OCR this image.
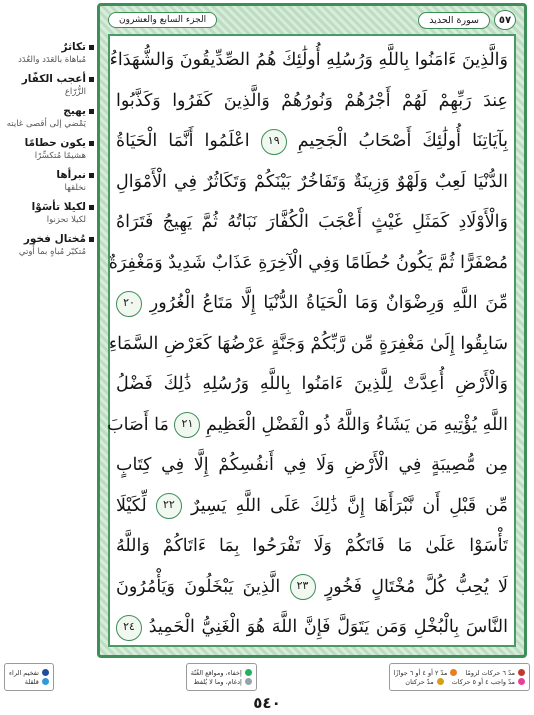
تكاثرٌ
مُباهاة بالعَدَد والعُدَد
أعجب الكفّار
الزُّرّاع
يهيج
يَمْضي إلى أقصى غايته
يكون حطامًا
هشيمًا مُتكسِّرًا
نبرأها
نخلقها
لكيلا تأسَوْا
لكيلا تحزنوا
مُختال فخور
مُتكبّر مُباهٍ بما أُوتي
٥٧
سورة الحديد
الجزء السابع والعشرون
وَالَّذِينَ ءَامَنُوا بِاللَّهِ وَرُسُلِهِ أُولَٰئِكَ هُمُ الصِّدِّيقُونَ وَالشُّهَدَاءُ
عِندَ رَبِّهِمْ لَهُمْ أَجْرُهُمْ وَنُورُهُمْ وَالَّذِينَ كَفَرُوا وَكَذَّبُوا
بِآيَاتِنَا أُولَٰئِكَ أَصْحَابُ الْجَحِيمِ ١٩ اعْلَمُوا أَنَّمَا الْحَيَاةُ
الدُّنْيَا لَعِبٌ وَلَهْوٌ وَزِينَةٌ وَتَفَاخُرٌ بَيْنَكُمْ وَتَكَاثُرٌ فِي الْأَمْوَالِ
وَالْأَوْلَادِ كَمَثَلِ غَيْثٍ أَعْجَبَ الْكُفَّارَ نَبَاتُهُ ثُمَّ يَهِيجُ فَتَرَاهُ
مُصْفَرًّا ثُمَّ يَكُونُ حُطَامًا وَفِي الْآخِرَةِ عَذَابٌ شَدِيدٌ وَمَغْفِرَةٌ
مِّنَ اللَّهِ وَرِضْوَانٌ وَمَا الْحَيَاةُ الدُّنْيَا إِلَّا مَتَاعُ الْغُرُورِ ٢٠
سَابِقُوا إِلَىٰ مَغْفِرَةٍ مِّن رَّبِّكُمْ وَجَنَّةٍ عَرْضُهَا كَعَرْضِ السَّمَاءِ
وَالْأَرْضِ أُعِدَّتْ لِلَّذِينَ ءَامَنُوا بِاللَّهِ وَرُسُلِهِ ذَٰلِكَ فَضْلُ
اللَّهِ يُؤْتِيهِ مَن يَشَاءُ وَاللَّهُ ذُو الْفَضْلِ الْعَظِيمِ ٢١ مَا أَصَابَ
مِن مُّصِيبَةٍ فِي الْأَرْضِ وَلَا فِي أَنفُسِكُمْ إِلَّا فِي كِتَابٍ
مِّن قَبْلِ أَن نَّبْرَأَهَا إِنَّ ذَٰلِكَ عَلَى اللَّهِ يَسِيرٌ ٢٢ لِّكَيْلَا
تَأْسَوْا عَلَىٰ مَا فَاتَكُمْ وَلَا تَفْرَحُوا بِمَا ءَاتَاكُمْ وَاللَّهُ
لَا يُحِبُّ كُلَّ مُخْتَالٍ فَخُورٍ ٢٣ الَّذِينَ يَبْخَلُونَ وَيَأْمُرُونَ
النَّاسَ بِالْبُخْلِ وَمَن يَتَوَلَّ فَإِنَّ اللَّهَ هُوَ الْغَنِيُّ الْحَمِيدُ ٢٤
مدّ ٦ حركات لزومًا
مدّ ٢ أو ٤ أو ٦ جوازًا
مدّ واجب ٤ أو ٥ حركات
مدّ حركتان
إخفاء، ومواقع الغُنّة
إدغام، وما لا يُلفظ
تفخيم الراء
قلقلة
٥٤٠
